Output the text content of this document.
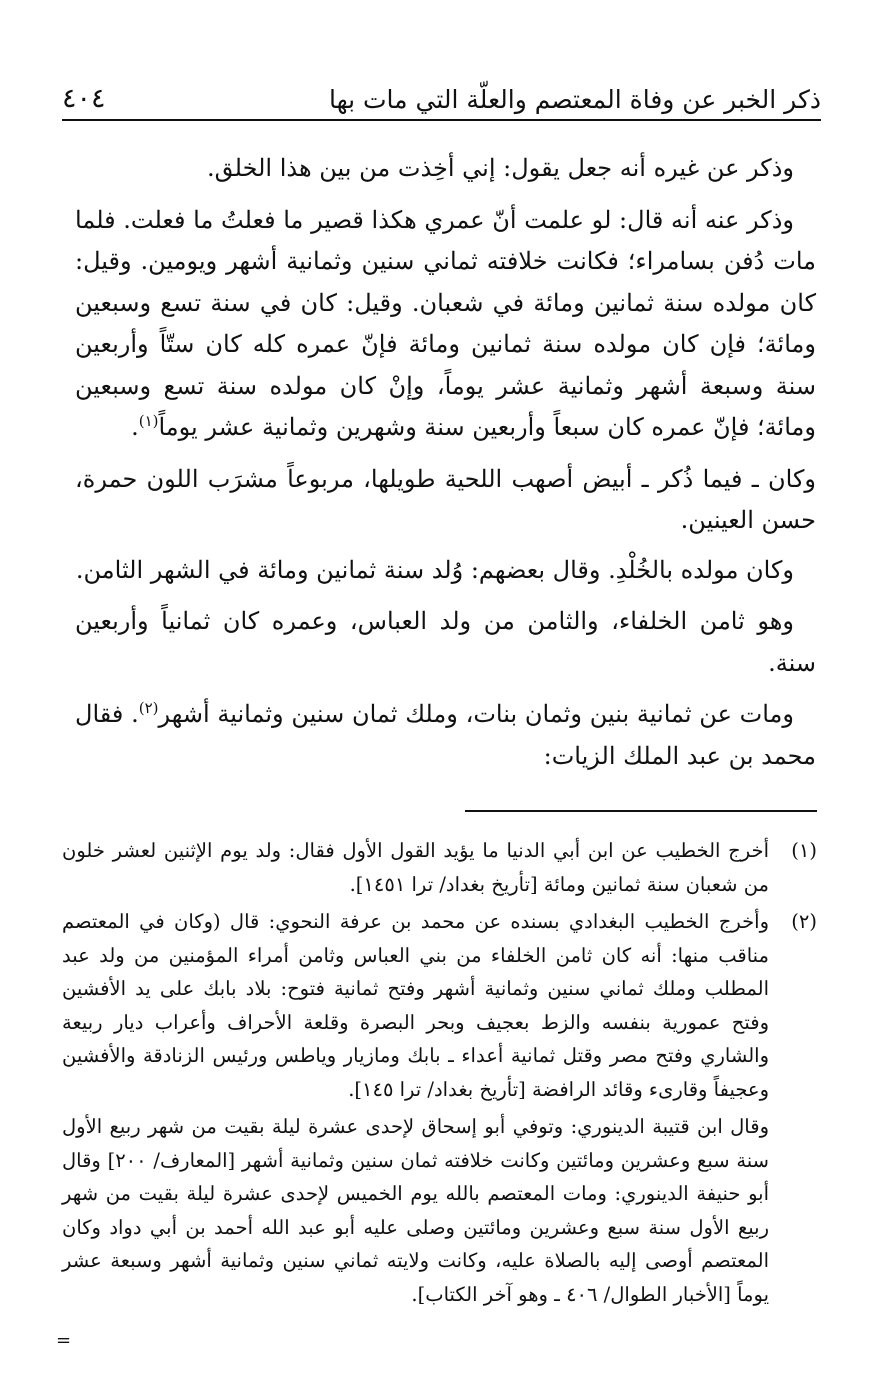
ذكر الخبر عن وفاة المعتصم والعلّة التي مات بها
٤٠٤

وذكر عن غيره أنه جعل يقول: إني أخِذت من بين هذا الخلق.

وذكر عنه أنه قال: لو علمت أنّ عمري هكذا قصير ما فعلتُ ما فعلت. فلما مات دُفن بسامراء؛ فكانت خلافته ثماني سنين وثمانية أشهر ويومين. وقيل: كان مولده سنة ثمانين ومائة في شعبان. وقيل: كان في سنة تسع وسبعين ومائة؛ فإن كان مولده سنة ثمانين ومائة فإنّ عمره كله كان ستّاً وأربعين سنة وسبعة أشهر وثمانية عشر يوماً، وإنْ كان مولده سنة تسع وسبعين ومائة؛ فإنّ عمره كان سبعاً وأربعين سنة وشهرين وثمانية عشر يوماً$^{(١)}$.

وكان ـ فيما ذُكر ـ أبيض أصهب اللحية طويلها، مربوعاً مشرَب اللون حمرة، حسن العينين.

وكان مولده بالخُلْدِ. وقال بعضهم: وُلد سنة ثمانين ومائة في الشهر الثامن.

وهو ثامن الخلفاء، والثامن من ولد العباس، وعمره كان ثمانياً وأربعين سنة.

ومات عن ثمانية بنين وثمان بنات، وملك ثمان سنين وثمانية أشهر$^{(٢)}$. فقال محمد بن عبد الملك الزيات:

(١)
أخرج الخطيب عن ابن أبي الدنيا ما يؤيد القول الأول فقال: ولد يوم الإثنين لعشر خلون من شعبان سنة ثمانين ومائة [تأريخ بغداد/ ترا ١٤٥١].
(٢)
وأخرج الخطيب البغدادي بسنده عن محمد بن عرفة النحوي: قال (وكان في المعتصم مناقب منها: أنه كان ثامن الخلفاء من بني العباس وثامن أمراء المؤمنين من ولد عبد المطلب وملك ثماني سنين وثمانية أشهر وفتح ثمانية فتوح: بلاد بابك على يد الأفشين وفتح عمورية بنفسه والزط بعجيف وبحر البصرة وقلعة الأحراف وأعراب ديار ربيعة والشاري وفتح مصر وقتل ثمانية أعداء ـ بابك ومازيار وياطس ورئيس الزنادقة والأفشين وعجيفاً وقارىء وقائد الرافضة [تأريخ بغداد/ ترا ١٤٥].
وقال ابن قتيبة الدينوري: وتوفي أبو إسحاق لإحدى عشرة ليلة بقيت من شهر ربيع الأول سنة سبع وعشرين ومائتين وكانت خلافته ثمان سنين وثمانية أشهر [المعارف/ ٢٠٠] وقال أبو حنيفة الدينوري: ومات المعتصم بالله يوم الخميس لإحدى عشرة ليلة بقيت من شهر ربيع الأول سنة سبع وعشرين ومائتين وصلى عليه أبو عبد الله أحمد بن أبي دواد وكان المعتصم أوصى إليه بالصلاة عليه، وكانت ولايته ثماني سنين وثمانية أشهر وسبعة عشر يوماً [الأخبار الطوال/ ٤٠٦ ـ وهو آخر الكتاب].
=
